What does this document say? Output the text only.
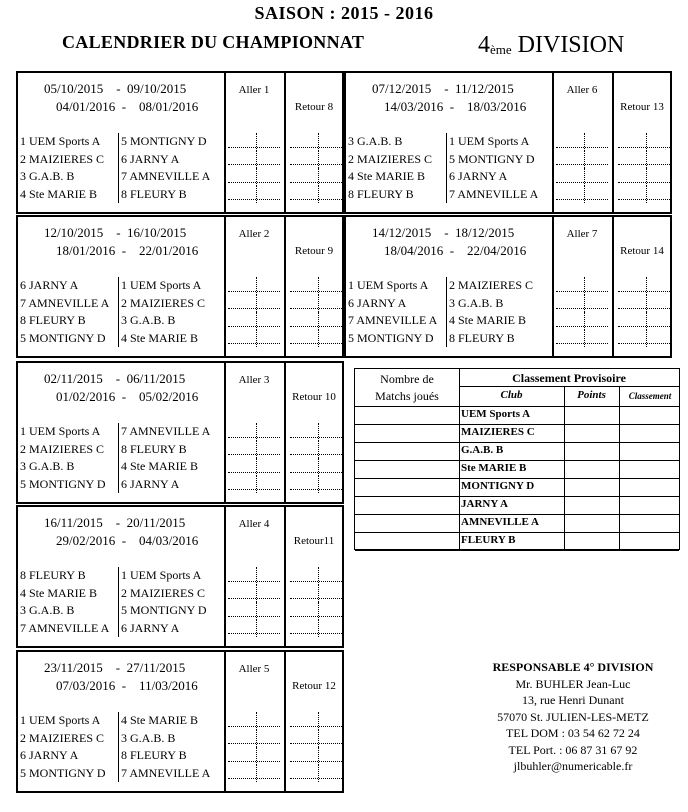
SAISON : 2015 - 2016
CALENDRIER DU CHAMPIONNAT	4ème DIVISION
05/10/2015    -  09/10/2015
04/01/2016  -    08/01/2016
1 UEM Sports A 5 MONTIGNY D
2 MAIZIERES C 6 JARNY A
3 G.A.B. B	7 AMNEVILLE A
4 Ste MARIE B 8 FLEURY B
Aller 1
Retour 8
07/12/2015    -  11/12/2015
14/03/2016  -    18/03/2016
3 G.A.B. B	1 UEM Sports A
2 MAIZIERES C 5 MONTIGNY D
4 Ste MARIE B 6 JARNY A
8 FLEURY B	7 AMNEVILLE A
Aller 6
Retour 13
12/10/2015    -  16/10/2015
18/01/2016  -    22/01/2016
6 JARNY A	1 UEM Sports A
7 AMNEVILLE A 2 MAIZIERES C
8 FLEURY B	3 G.A.B. B
5 MONTIGNY D 4 Ste MARIE B
Aller 2
Retour 9
14/12/2015    -  18/12/2015
18/04/2016  -    22/04/2016
1 UEM Sports A 2 MAIZIERES C
6 JARNY A	3 G.A.B. B
7 AMNEVILLE A 4 Ste MARIE B
5 MONTIGNY D 8 FLEURY B
Aller 7
Retour 14
02/11/2015    -  06/11/2015
01/02/2016  -    05/02/2016
1 UEM Sports A 7 AMNEVILLE A
2 MAIZIERES C 8 FLEURY B
3 G.A.B. B	4 Ste MARIE B
5 MONTIGNY D 6 JARNY A
Aller 3
Retour 10
16/11/2015    -  20/11/2015
29/02/2016  -    04/03/2016
8 FLEURY B	1 UEM Sports A
4 Ste MARIE B 2 MAIZIERES C
3 G.A.B. B	5 MONTIGNY D
7 AMNEVILLE A 6 JARNY A
Aller 4
Retour11
23/11/2015    -  27/11/2015
07/03/2016  -    11/03/2016
1 UEM Sports A 4 Ste MARIE B
2 MAIZIERES C 3 G.A.B. B
6 JARNY A	8 FLEURY B
5 MONTIGNY D 7 AMNEVILLE A
Aller 5
Retour 12
Nombre de
Matchs joués
Classement Provisoire
Club	Points	Classement
UEM Sports A
MAIZIERES C
G.A.B. B
Ste MARIE B
MONTIGNY D
JARNY A
AMNEVILLE A
FLEURY B
RESPONSABLE 4° DIVISION
Mr. BUHLER Jean-Luc
13, rue Henri Dunant
57070 St. JULIEN-LES-METZ
TEL DOM : 03 54 62 72 24
TEL Port. : 06 87 31 67 92
jlbuhler@numericable.fr
